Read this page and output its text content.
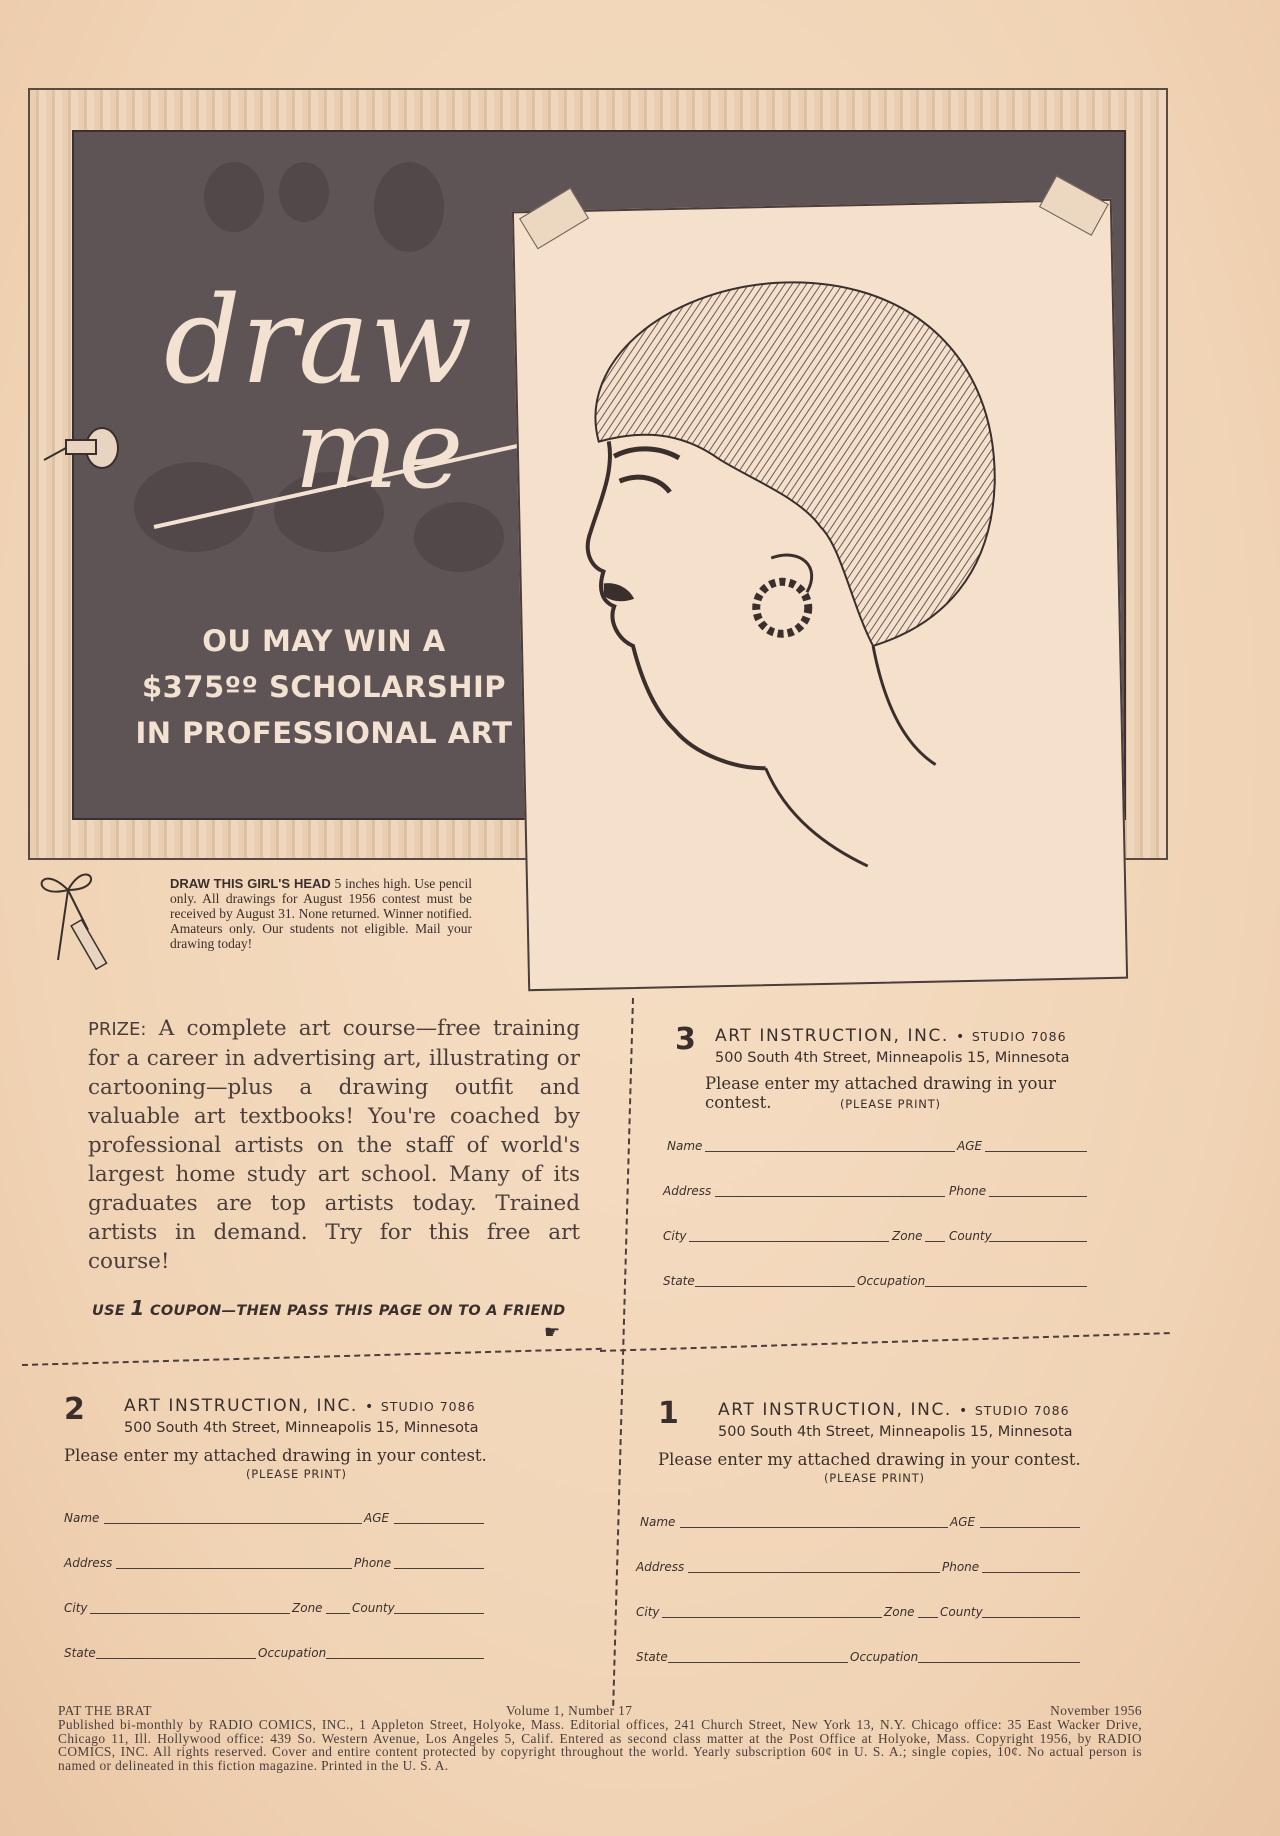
draw
me
OU MAY WIN A
$375ºº SCHOLARSHIP
IN PROFESSIONAL ART
DRAW THIS GIRL'S HEAD 5 inches high. Use pencil only. All drawings for August 1956 contest must be received by August 31. None returned. Winner notified. Amateurs only. Our students not eligible. Mail your drawing today!
PRIZE: A complete art course—free training for a career in advertising art, illustrating or cartooning—plus a drawing outfit and valuable art textbooks! You're coached by professional artists on the staff of world's largest home study art school. Many of its graduates are top artists today. Trained artists in demand. Try for this free art course!
USE 1 COUPON—THEN PASS THIS PAGE ON TO A FRIEND
☛
3 ART INSTRUCTION, INC. • STUDIO 7086
500 South 4th Street, Minneapolis 15, Minnesota
Please enter my attached drawing in your
contest.	(PLEASE PRINT)
Name	AGE
Address	Phone
City	Zone County
State	Occupation
2 ART INSTRUCTION, INC. • STUDIO 7086
500 South 4th Street, Minneapolis 15, Minnesota
Please enter my attached drawing in your contest.
(PLEASE PRINT)
Name	AGE
Address	Phone
City	Zone County
State	Occupation
1 ART INSTRUCTION, INC. • STUDIO 7086
500 South 4th Street, Minneapolis 15, Minnesota
Please enter my attached drawing in your contest.
(PLEASE PRINT)
Name	AGE
Address	Phone
City	Zone County
State	Occupation
PAT THE BRAT	Volume 1, Number 17	November 1956
Published bi-monthly by RADIO COMICS, INC., 1 Appleton Street, Holyoke, Mass. Editorial offices, 241 Church Street, New York 13, N.Y. Chicago office: 35 East Wacker Drive, Chicago 11, Ill. Hollywood office: 439 So. Western Avenue, Los Angeles 5, Calif. Entered as second class matter at the Post Office at Holyoke, Mass. Copyright 1956, by RADIO COMICS, INC. All rights reserved. Cover and entire content protected by copyright throughout the world. Yearly subscription 60¢ in U. S. A.; single copies, 10¢. No actual person is named or delineated in this fiction magazine. Printed in the U. S. A.
